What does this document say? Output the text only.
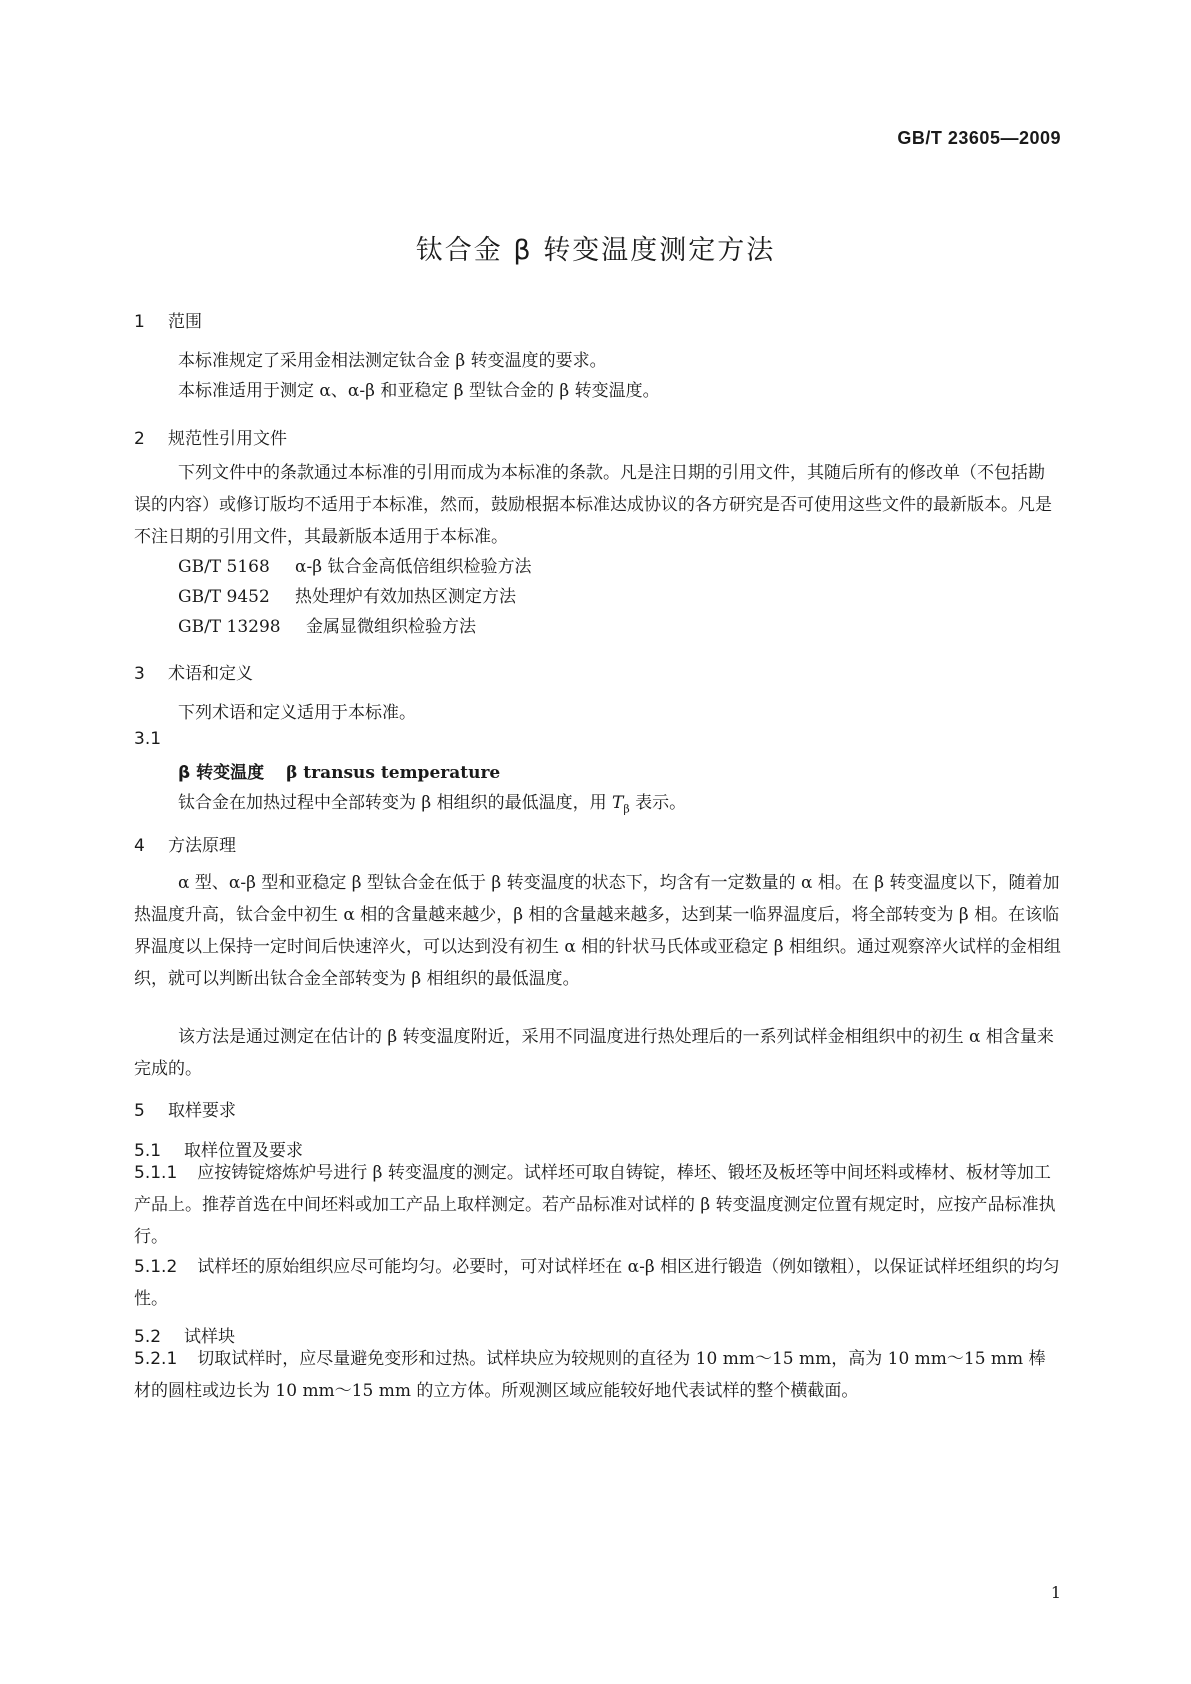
GB/T 23605—2009
钛合金 β 转变温度测定方法
1 范围
本标准规定了采用金相法测定钛合金 β 转变温度的要求。
本标准适用于测定 α、α-β 和亚稳定 β 型钛合金的 β 转变温度。
2 规范性引用文件
下列文件中的条款通过本标准的引用而成为本标准的条款。凡是注日期的引用文件，其随后所有的修改单（不包括勘误的内容）或修订版均不适用于本标准，然而，鼓励根据本标准达成协议的各方研究是否可使用这些文件的最新版本。凡是不注日期的引用文件，其最新版本适用于本标准。
GB/T 5168 α-β 钛合金高低倍组织检验方法
GB/T 9452 热处理炉有效加热区测定方法
GB/T 13298 金属显微组织检验方法
3 术语和定义
下列术语和定义适用于本标准。
3.1
β 转变温度 β transus temperature
钛合金在加热过程中全部转变为 β 相组织的最低温度，用 $T_\beta$ 表示。
4 方法原理
α 型、α-β 型和亚稳定 β 型钛合金在低于 β 转变温度的状态下，均含有一定数量的 α 相。在 β 转变温度以下，随着加热温度升高，钛合金中初生 α 相的含量越来越少，β 相的含量越来越多，达到某一临界温度后，将全部转变为 β 相。在该临界温度以上保持一定时间后快速淬火，可以达到没有初生 α 相的针状马氏体或亚稳定 β 相组织。通过观察淬火试样的金相组织，就可以判断出钛合金全部转变为 β 相组织的最低温度。
该方法是通过测定在估计的 β 转变温度附近，采用不同温度进行热处理后的一系列试样金相组织中的初生 α 相含量来完成的。
5 取样要求
5.1 取样位置及要求
5.1.1 应按铸锭熔炼炉号进行 β 转变温度的测定。试样坯可取自铸锭，棒坯、锻坯及板坯等中间坯料或棒材、板材等加工产品上。推荐首选在中间坯料或加工产品上取样测定。若产品标准对试样的 β 转变温度测定位置有规定时，应按产品标准执行。
5.1.2 试样坯的原始组织应尽可能均匀。必要时，可对试样坯在 α-β 相区进行锻造（例如镦粗），以保证试样坯组织的均匀性。
5.2 试样块
5.2.1 切取试样时，应尽量避免变形和过热。试样块应为较规则的直径为 10 mm～15 mm，高为 10 mm～15 mm 棒材的圆柱或边长为 10 mm～15 mm 的立方体。所观测区域应能较好地代表试样的整个横截面。
1
